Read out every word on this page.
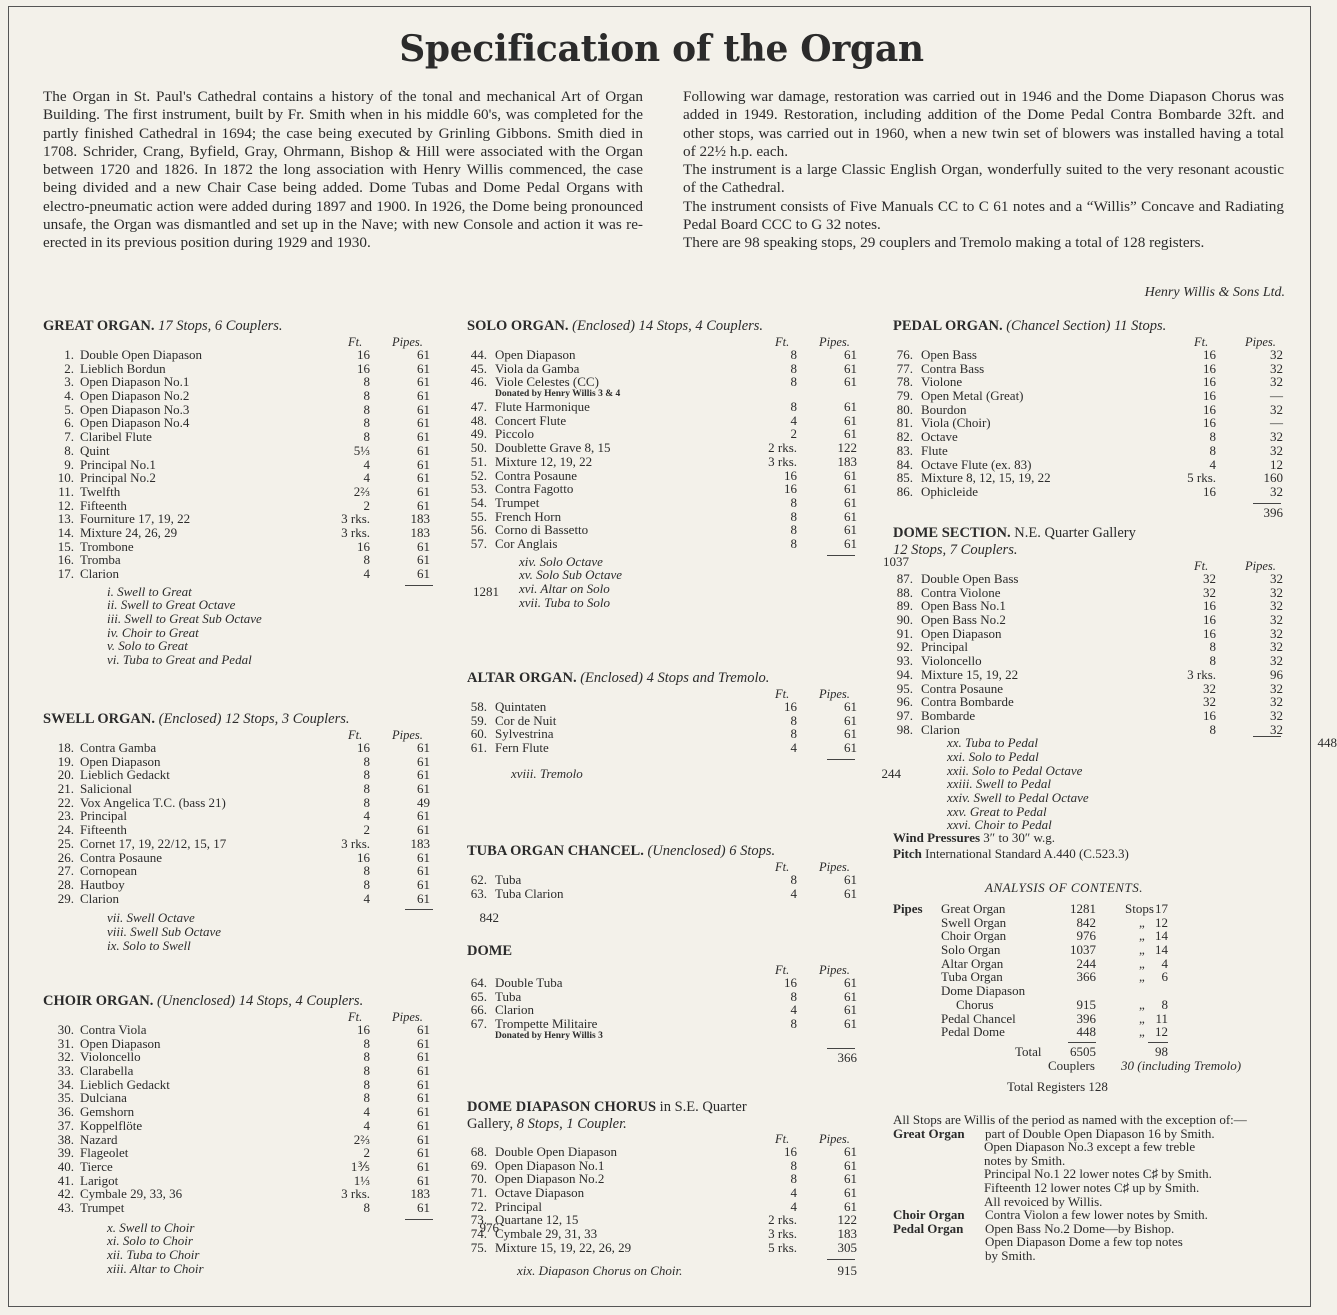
Specification of the Organ

The Organ in St. Paul's Cathedral contains a history of the tonal and mechanical Art of Organ Building. The first instrument, built by Fr. Smith when in his middle 60's, was completed for the partly finished Cathedral in 1694; the case being executed by Grinling Gibbons. Smith died in 1708. Schrider, Crang, Byfield, Gray, Ohrmann, Bishop & Hill were associated with the Organ between 1720 and 1826. In 1872 the long association with Henry Willis commenced, the case being divided and a new Chair Case being added. Dome Tubas and Dome Pedal Organs with electro-pneumatic action were added during 1897 and 1900. In 1926, the Dome being pronounced unsafe, the Organ was dismantled and set up in the Nave; with new Console and action it was re-erected in its previous position during 1929 and 1930.

Following war damage, restoration was carried out in 1946 and the Dome Diapason Chorus was added in 1949. Restoration, including addition of the Dome Pedal Contra Bombarde 32ft. and other stops, was carried out in 1960, when a new twin set of blowers was installed having a total of 22½ h.p. each.

The instrument is a large Classic English Organ, wonderfully suited to the very resonant acoustic of the Cathedral.

The instrument consists of Five Manuals CC to C 61 notes and a “Willis” Concave and Radiating Pedal Board CCC to G 32 notes.

There are 98 speaking stops, 29 couplers and Tremolo making a total of 128 registers.

Henry Willis & Sons Ltd.
GREAT ORGAN. 17 Stops, 6 Couplers.
Ft. Pipes.
1. Double Open Diapason	16	61
2. Lieblich Bordun	16	61
3. Open Diapason No.1	8	61
4. Open Diapason No.2	8	61
5. Open Diapason No.3	8	61
6. Open Diapason No.4	8	61
7. Claribel Flute	8	61
8. Quint	5⅓	61
9. Principal No.1	4	61
10. Principal No.2	4	61
11. Twelfth	2⅔	61
12. Fifteenth	2	61
13. Fourniture 17, 19, 22	3 rks.	183
14. Mixture 24, 26, 29	3 rks.	183
15. Trombone	16	61
16. Tromba	8	61
17. Clarion	4	61
i. Swell to Great	1281
ii. Swell to Great Octave
iii. Swell to Great Sub Octave
iv. Choir to Great
v. Solo to Great
vi. Tuba to Great and Pedal
SWELL ORGAN. (Enclosed) 12 Stops, 3 Couplers.
Ft. Pipes.
18. Contra Gamba	16	61
19. Open Diapason	8	61
20. Lieblich Gedackt	8	61
21. Salicional	8	61
22. Vox Angelica T.C. (bass 21)	8	49
23. Principal	4	61
24. Fifteenth	2	61
25. Cornet 17, 19, 22/12, 15, 17	3 rks.	183
26. Contra Posaune	16	61
27. Cornopean	8	61
28. Hautboy	8	61
29. Clarion	4	61
vii. Swell Octave	842
viii. Swell Sub Octave
ix. Solo to Swell
CHOIR ORGAN. (Unenclosed) 14 Stops, 4 Couplers.
Ft. Pipes.
30. Contra Viola	16	61
31. Open Diapason	8	61
32. Violoncello	8	61
33. Clarabella	8	61
34. Lieblich Gedackt	8	61
35. Dulciana	8	61
36. Gemshorn	4	61
37. Koppelflöte	4	61
38. Nazard	2⅔	61
39. Flageolet	2	61
40. Tierce	1⅗	61
41. Larigot	1⅓	61
42. Cymbale 29, 33, 36	3 rks.	183
43. Trumpet	8	61
x. Swell to Choir	976
xi. Solo to Choir
xii. Tuba to Choir
xiii. Altar to Choir
SOLO ORGAN. (Enclosed) 14 Stops, 4 Couplers.
Ft. Pipes.
44. Open Diapason	8	61
45. Viola da Gamba	8	61
46. Viole Celestes (CC)	8	61
Donated by Henry Willis 3 & 4
47. Flute Harmonique	8	61
48. Concert Flute	4	61
49. Piccolo	2	61
50. Doublette Grave 8, 15	2 rks.	122
51. Mixture 12, 19, 22	3 rks.	183
52. Contra Posaune	16	61
53. Contra Fagotto	16	61
54. Trumpet	8	61
55. French Horn	8	61
56. Corno di Bassetto	8	61
57. Cor Anglais	8	61
xiv. Solo Octave	1037
xv. Solo Sub Octave
xvi. Altar on Solo
xvii. Tuba to Solo
ALTAR ORGAN. (Enclosed) 4 Stops and Tremolo.
Ft. Pipes.
58. Quintaten	16	61
59. Cor de Nuit	8	61
60. Sylvestrina	8	61
61. Fern Flute	4	61
xviii. Tremolo	244
TUBA ORGAN CHANCEL. (Unenclosed) 6 Stops.
Ft. Pipes.
62. Tuba	8	61
63. Tuba Clarion	4	61
DOME
Ft. Pipes.
64. Double Tuba	16	61
65. Tuba	8	61
66. Clarion	4	61
67. Trompette Militaire	8	61
Donated by Henry Willis 3
366
DOME DIAPASON CHORUS in S.E. Quarter
Gallery, 8 Stops, 1 Coupler.
Ft. Pipes.
68. Double Open Diapason	16	61
69. Open Diapason No.1	8	61
70. Open Diapason No.2	8	61
71. Octave Diapason	4	61
72. Principal	4	61
73. Quartane 12, 15	2 rks.	122
74. Cymbale 29, 31, 33	3 rks.	183
75. Mixture 15, 19, 22, 26, 29	5 rks.	305
xix. Diapason Chorus on Choir.	915
PEDAL ORGAN. (Chancel Section) 11 Stops.
Ft.	Pipes.
76. Open Bass	16	32
77. Contra Bass	16	32
78. Violone	16	32
79. Open Metal (Great)	16	—
80. Bourdon	16	32
81. Viola (Choir)	16	—
82. Octave	8	32
83. Flute	8	32
84. Octave Flute (ex. 83)	4	12
85. Mixture 8, 12, 15, 19, 22	5 rks.	160
86. Ophicleide	16	32
396
DOME SECTION. N.E. Quarter Gallery
12 Stops, 7 Couplers.
Ft.	Pipes.
87. Double Open Bass	32	32
88. Contra Violone	32	32
89. Open Bass No.1	16	32
90. Open Bass No.2	16	32
91. Open Diapason	16	32
92. Principal	8	32
93. Violoncello	8	32
94. Mixture 15, 19, 22	3 rks.	96
95. Contra Posaune	32	32
96. Contra Bombarde	32	32
97. Bombarde	16	32
98. Clarion	8	32
xx. Tuba to Pedal	448
xxi. Solo to Pedal
xxii. Solo to Pedal Octave
xxiii. Swell to Pedal
xxiv. Swell to Pedal Octave
xxv. Great to Pedal
xxvi. Choir to Pedal
Wind Pressures 3″ to 30″ w.g.
Pitch International Standard A.440 (C.523.3)
ANALYSIS OF CONTENTS.
Pipes Great Organ	1281 Stops 17
Swell Organ	842	„ 12
Choir Organ	976	„ 14
Solo Organ	1037	„ 14
Altar Organ	244	„ 4
Tuba Organ	366	„ 6
Dome Diapason
Chorus	915	„ 8
Pedal Chancel	396	„ 11
Pedal Dome	448	„ 12
Total 6505	98
Couplers 30 (including Tremolo)
Total Registers 128
All Stops are Willis of the period as named with the exception of:—
Great Organ part of Double Open Diapason 16 by Smith.
Open Diapason No.3 except a few treble
notes by Smith.
Principal No.1 22 lower notes C♯ by Smith.
Fifteenth 12 lower notes C♯ up by Smith.
All revoiced by Willis.
Choir Organ Contra Violon a few lower notes by Smith.
Pedal Organ Open Bass No.2 Dome—by Bishop.
Open Diapason Dome a few top notes
by Smith.
